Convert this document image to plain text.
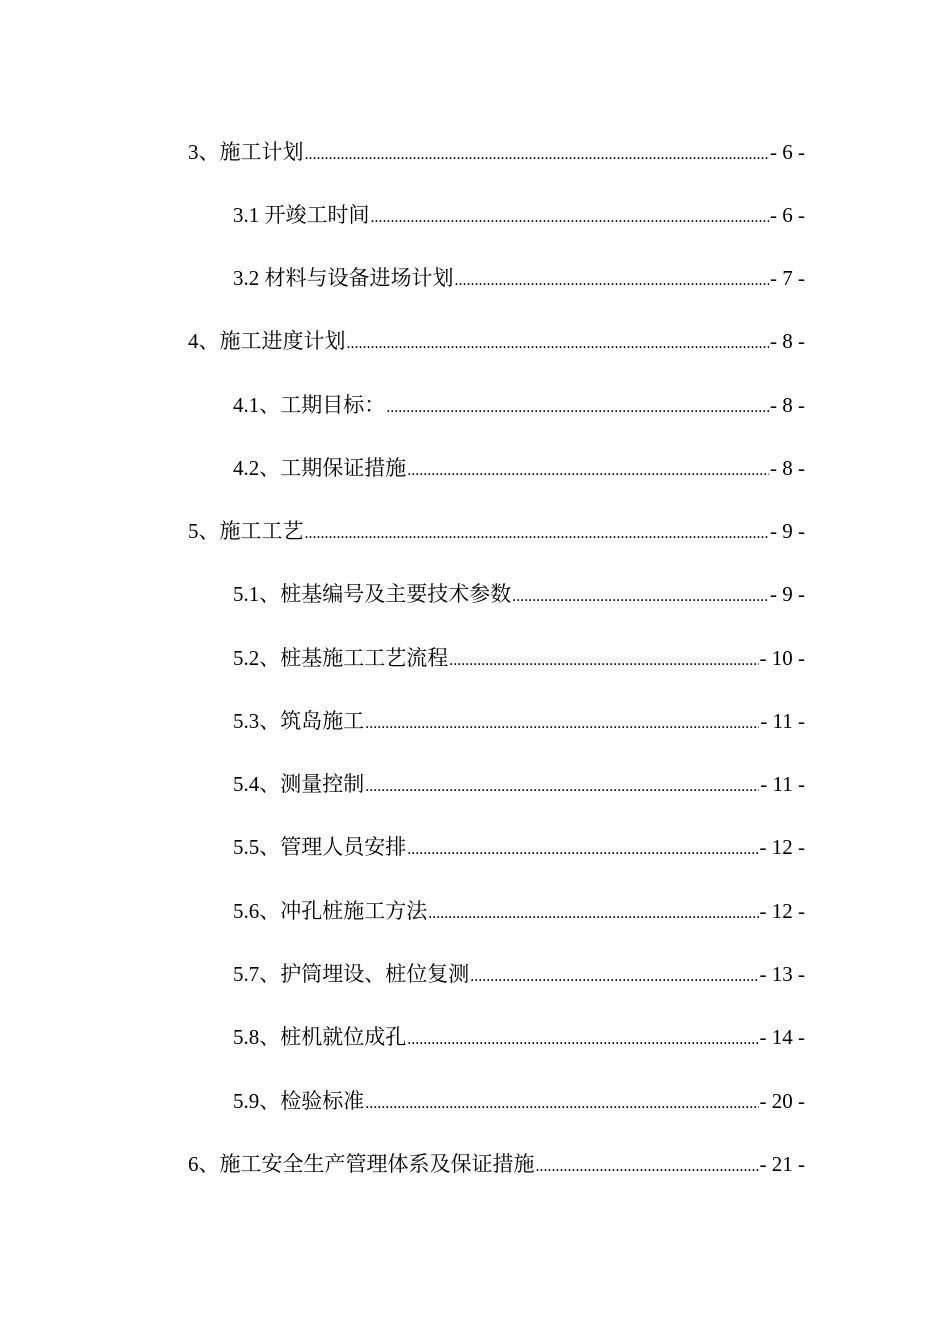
3、施工计划 .....	- 6 -
3.1 开竣工时间 .....	- 6 -
3.2 材料与设备进场计划 .....	- 7 -
4、施工进度计划 .....	- 8 -
4.1、工期目标： .....	- 8 -
4.2、工期保证措施 .....	- 8 -
5、施工工艺 .....	- 9 -
5.1、桩基编号及主要技术参数 .....	- 9 -
5.2、桩基施工工艺流程 .....	- 10 -
5.3、筑岛施工 .....	- 11 -
5.4、测量控制 .....	- 11 -
5.5、管理人员安排 .....	- 12 -
5.6、冲孔桩施工方法 .....	- 12 -
5.7、护筒埋设、桩位复测 .....	- 13 -
5.8、桩机就位成孔 .....	- 14 -
5.9、检验标准 .....	- 20 -
6、施工安全生产管理体系及保证措施 .....	- 21 -
